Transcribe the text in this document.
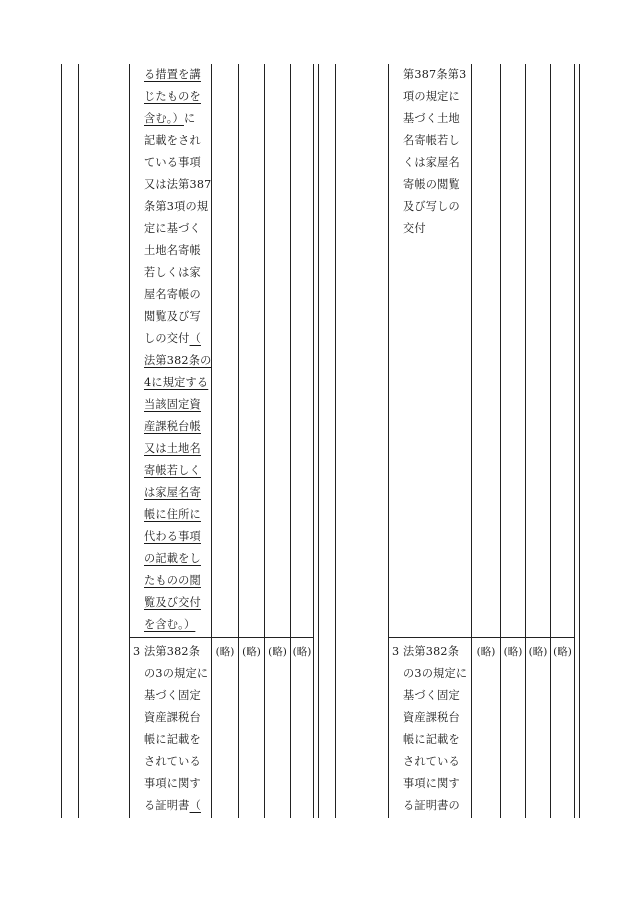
る措置を講
じたものを
含む。）に
記載をされ
ている事項
又は法第387
条第3項の規
定に基づく
土地名寄帳
若しくは家
屋名寄帳の
閲覧及び写
しの交付（
法第382条の
4に規定する
当該固定資
産課税台帳
又は土地名
寄帳若しく
は家屋名寄
帳に住所に
代わる事項
の記載をし
たものの閲
覧及び交付
を含む。）
3 法第382条
の3の規定に
基づく固定
資産課税台
帳に記載を
されている
事項に関す
る証明書（
(略) (略) (略) (略)
第387条第3
項の規定に
基づく土地
名寄帳若し
くは家屋名
寄帳の閲覧
及び写しの
交付
3 法第382条
の3の規定に
基づく固定
資産課税台
帳に記載を
されている
事項に関す
る証明書の
(略) (略) (略) (略)
